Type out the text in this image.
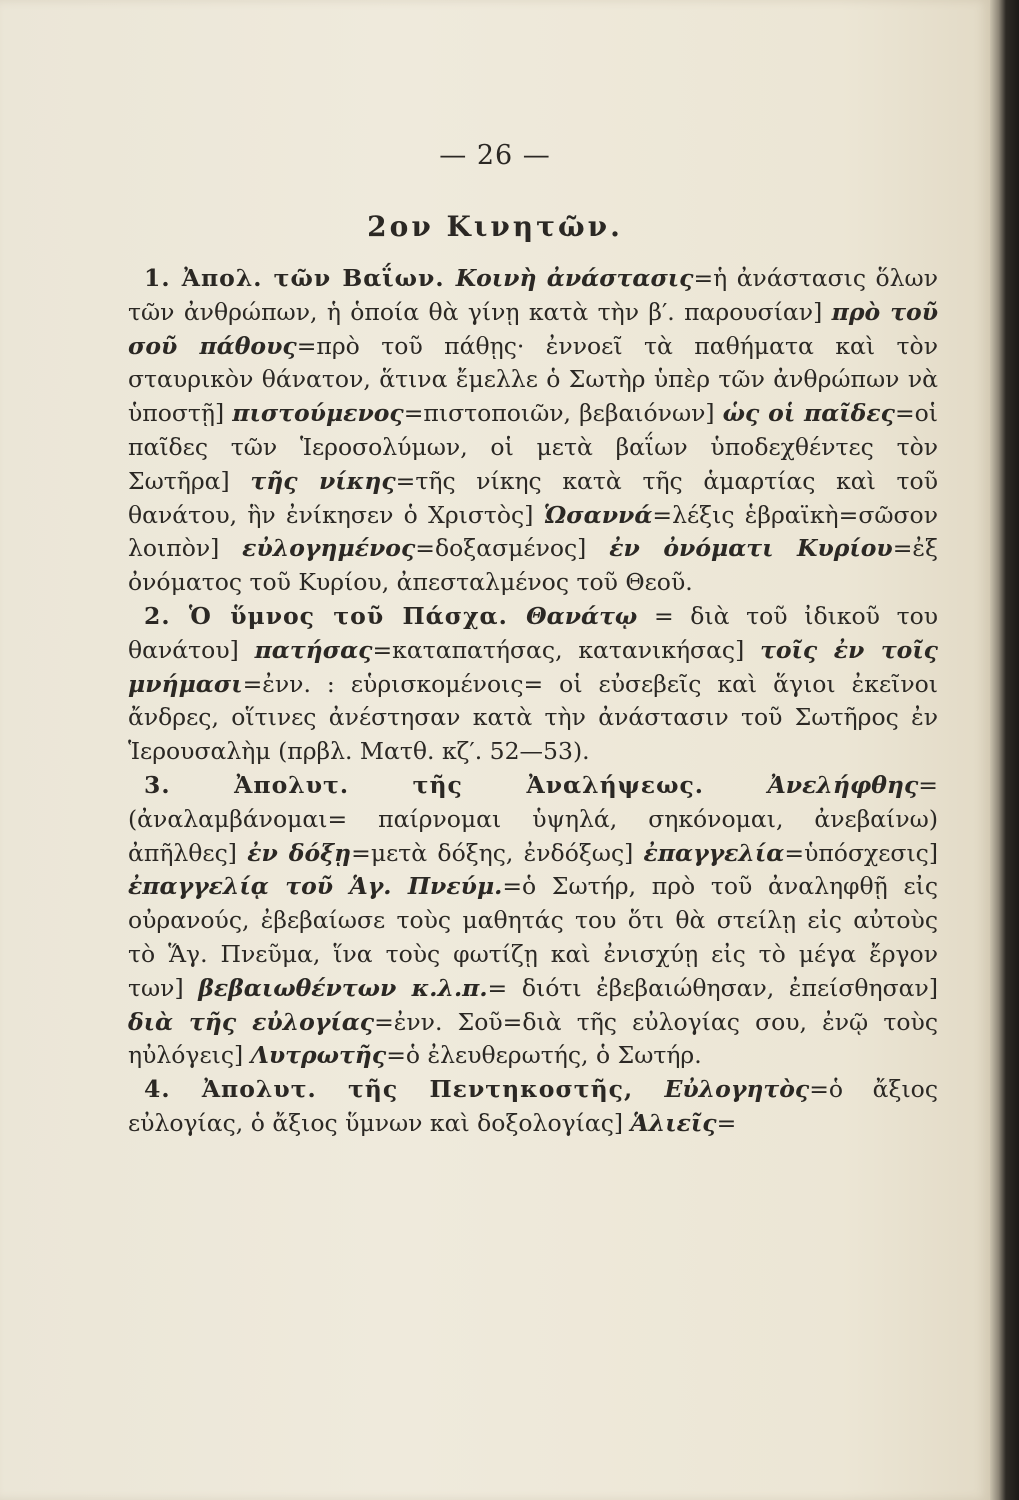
— 26 —
2ον Κινητῶν.

1. Ἀπολ. τῶν Βαΐων. Κοινὴ ἀνάστασις=ἡ ἀνάστασις ὅλων τῶν ἀνθρώπων, ἡ ὁποία θὰ γίνῃ κατὰ τὴν β′. παρουσίαν] πρὸ τοῦ σοῦ πάθους=πρὸ τοῦ πάθῃς· ἐννοεῖ τὰ παθήματα καὶ τὸν σταυρικὸν θάνατον, ἅτινα ἔμελλε ὁ Σωτὴρ ὑπὲρ τῶν ἀνθρώπων νὰ ὑποστῇ] πιστούμενος=πιστοποιῶν, βεβαιόνων] ὡς οἱ παῖδες=οἱ παῖδες τῶν Ἱεροσολύμων, οἱ μετὰ βαΐων ὑποδεχθέντες τὸν Σωτῆρα] τῆς νίκης=τῆς νίκης κατὰ τῆς ἁμαρτίας καὶ τοῦ θανάτου, ἣν ἐνίκησεν ὁ Χριστὸς] Ὡσαννά=λέξις ἑβραϊκὴ=σῶσον λοιπὸν] εὐλογημένος=δοξασμένος] ἐν ὀνόματι Κυρίου=ἐξ ὀνόματος τοῦ Κυρίου, ἀπεσταλμένος τοῦ Θεοῦ.

2. Ὁ ὕμνος τοῦ Πάσχα. Θανάτῳ = διὰ τοῦ ἰδικοῦ του θανάτου] πατήσας=καταπατήσας, κατανικήσας] τοῖς ἐν τοῖς μνήμασι=ἐνν. : εὑρισκομένοις= οἱ εὐσεβεῖς καὶ ἅγιοι ἐκεῖνοι ἄνδρες, οἵτινες ἀνέστησαν κατὰ τὴν ἀνάστασιν τοῦ Σωτῆρος ἐν Ἱερουσαλὴμ (πρβλ. Ματθ. κζ′. 52—53).

3. Ἀπολυτ. τῆς Ἀναλήψεως. Ἀνελήφθης=(ἀναλαμβάνομαι= παίρνομαι ὑψηλά, σηκόνομαι, ἀνεβαίνω) ἀπῆλθες] ἐν δόξῃ=μετὰ δόξης, ἐνδόξως] ἐπαγγελία=ὑπόσχεσις] ἐπαγγελίᾳ τοῦ Ἁγ. Πνεύμ.=ὁ Σωτήρ, πρὸ τοῦ ἀναληφθῇ εἰς οὐρανούς, ἐβεβαίωσε τοὺς μαθητάς του ὅτι θὰ στείλῃ εἰς αὐτοὺς τὸ Ἅγ. Πνεῦμα, ἵνα τοὺς φωτίζῃ καὶ ἐνισχύῃ εἰς τὸ μέγα ἔργον των] βεβαιωθέντων κ.λ.π.= διότι ἐβεβαιώθησαν, ἐπείσθησαν] διὰ τῆς εὐλογίας=ἐνν. Σοῦ=διὰ τῆς εὐλογίας σου, ἐνῷ τοὺς ηὐλόγεις] Λυτρωτῆς=ὁ ἐλευθερωτής, ὁ Σωτήρ.

4. Ἀπολυτ. τῆς Πεντηκοστῆς, Εὐλογητὸς=ὁ ἄξιος εὐλογίας, ὁ ἄξιος ὕμνων καὶ δοξολογίας] Ἁλιεῖς=
